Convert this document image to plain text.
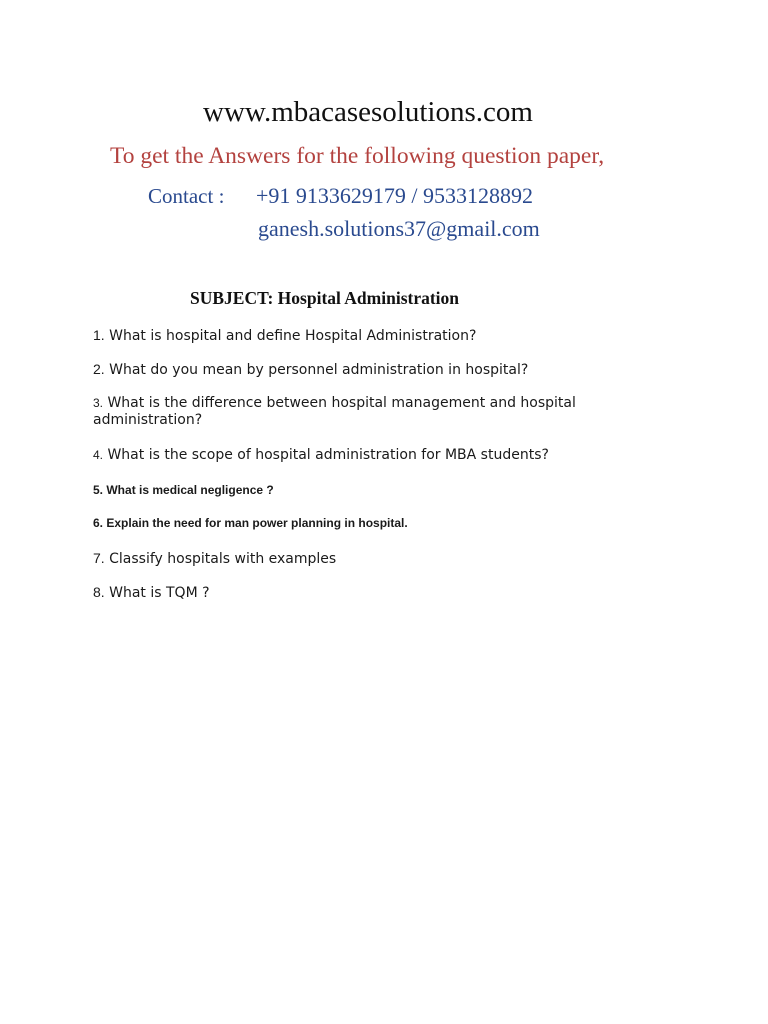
www.mbacasesolutions.com
To get the Answers for the following question paper,
Contact : +91 9133629179 / 9533128892
ganesh.solutions37@gmail.com
SUBJECT: Hospital Administration
1. What is hospital and define Hospital Administration?
2. What do you mean by personnel administration in hospital?
3. What is the difference between hospital management and hospital administration?
4. What is the scope of hospital administration for MBA students?
5. What is medical negligence ?
6. Explain the need for man power planning in hospital.
7. Classify hospitals with examples
8. What is TQM ?
